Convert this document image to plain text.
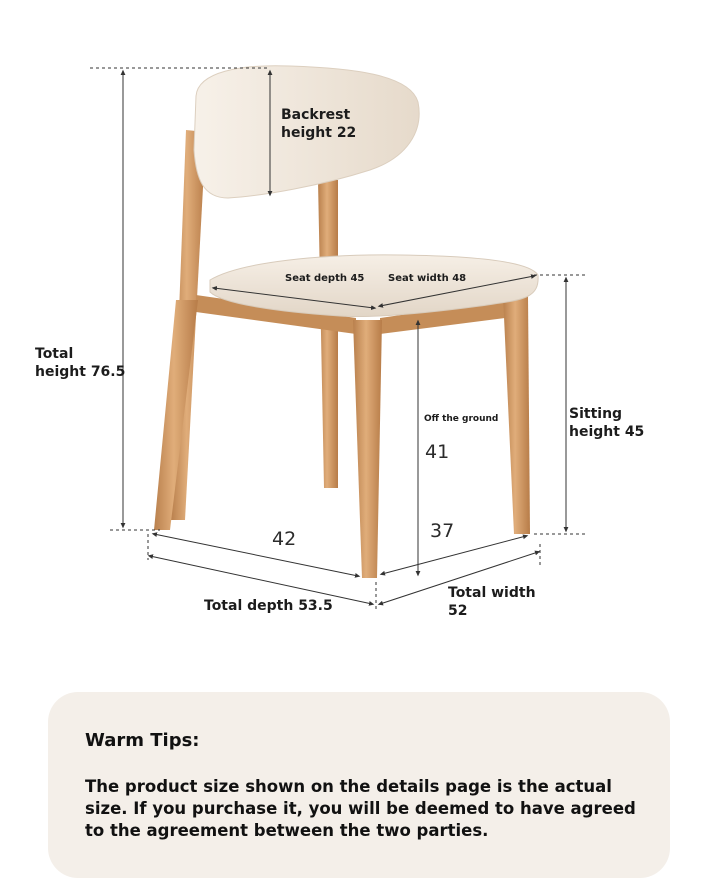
Backrest
height 22
Total
height 76.5
Seat depth 45 Seat width 48
Off the ground
41
Sitting
height 45
42	37
Total depth 53.5
Total width
52
Warm Tips:
The product size shown on the details page is the actual size. If you purchase it, you will be deemed to have agreed to the agreement between the two parties.
